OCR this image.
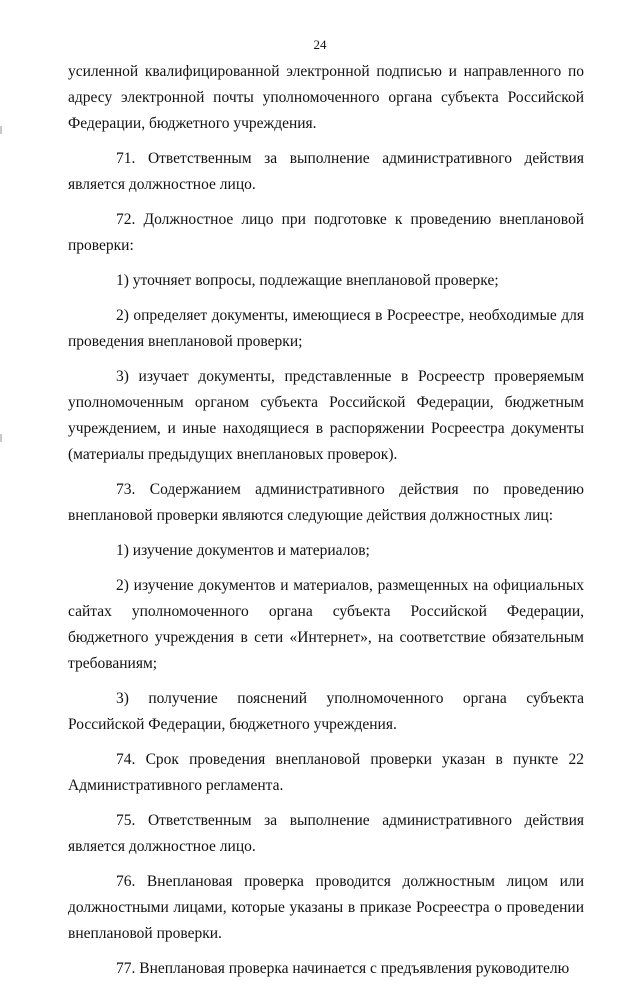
24

усиленной квалифицированной электронной подписью и направленного по адресу электронной почты уполномоченного органа субъекта Российской Федерации, бюджетного учреждения.

71. Ответственным за выполнение административного действия является должностное лицо.

72. Должностное лицо при подготовке к проведению внеплановой проверки:

1) уточняет вопросы, подлежащие внеплановой проверке;

2) определяет документы, имеющиеся в Росреестре, необходимые для проведения внеплановой проверки;

3) изучает документы, представленные в Росреестр проверяемым уполномоченным органом субъекта Российской Федерации, бюджетным учреждением, и иные находящиеся в распоряжении Росреестра документы (материалы предыдущих внеплановых проверок).

73. Содержанием административного действия по проведению внеплановой проверки являются следующие действия должностных лиц:

1) изучение документов и материалов;

2) изучение документов и материалов, размещенных на официальных сайтах уполномоченного органа субъекта Российской Федерации, бюджетного учреждения в сети «Интернет», на соответствие обязательным требованиям;

3) получение пояснений уполномоченного органа субъекта Российской Федерации, бюджетного учреждения.

74. Срок проведения внеплановой проверки указан в пункте 22 Административного регламента.

75. Ответственным за выполнение административного действия является должностное лицо.

76. Внеплановая проверка проводится должностным лицом или должностными лицами, которые указаны в приказе Росреестра о проведении внеплановой проверки.

77. Внеплановая проверка начинается с предъявления руководителю
